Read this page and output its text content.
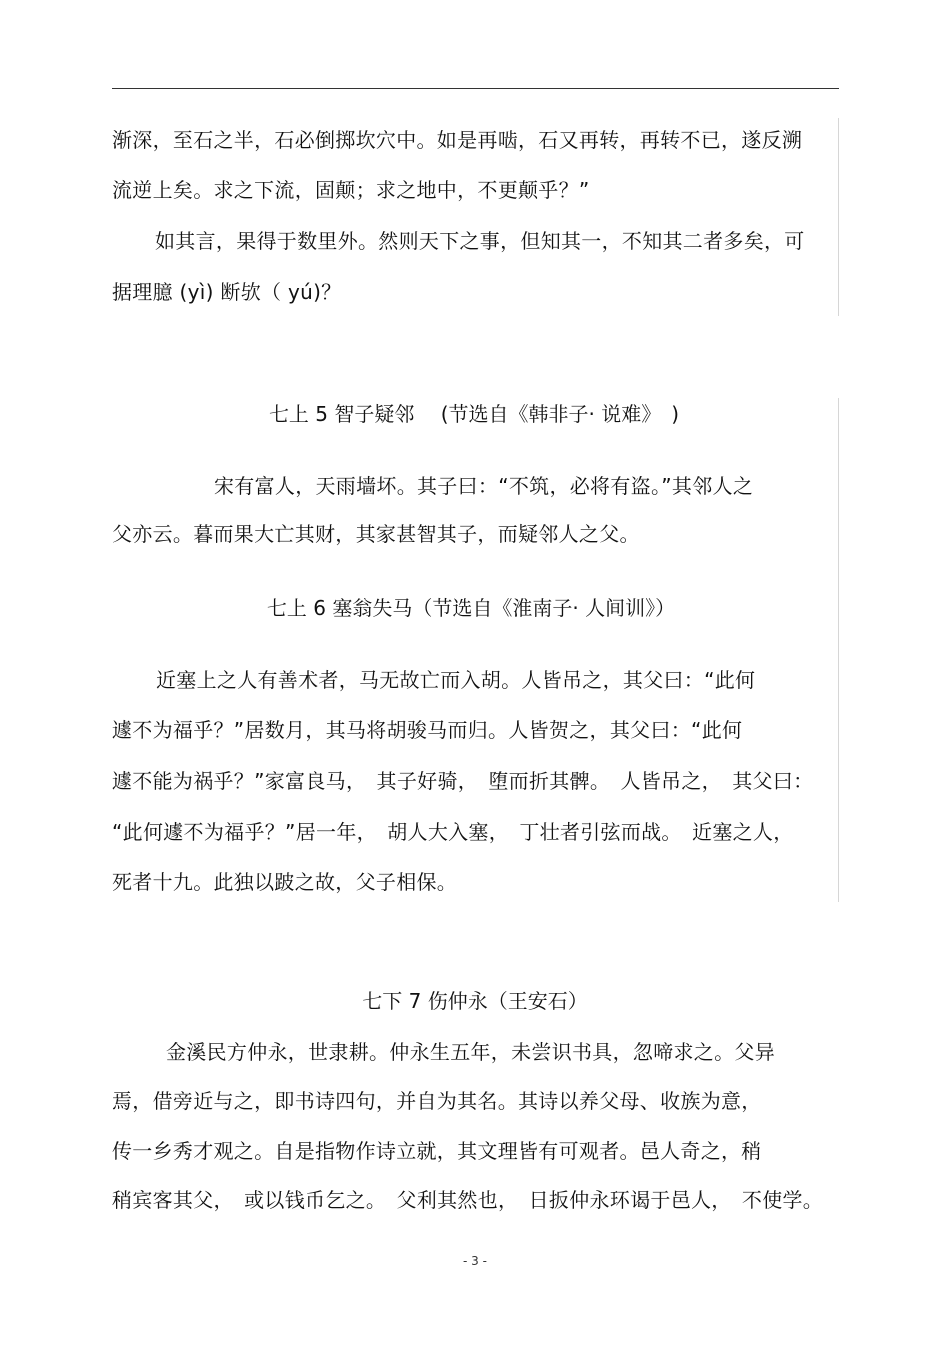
渐深，至石之半，石必倒掷坎穴中。如是再啮，石又再转，再转不已，遂反溯
流逆上矣。求之下流，固颠；求之地中，不更颠乎？”
如其言，果得于数里外。然则天下之事，但知其一，不知其二者多矣，可
据理臆 (yì) 断欤（ yú)？
七上 5 智子疑邻　 (节选自《韩非子· 说难》　)
宋有富人，天雨墙坏。其子曰：“不筑，必将有盗。”其邻人之
父亦云。暮而果大亡其财，其家甚智其子，而疑邻人之父。
七上 6 塞翁失马（节选自《淮南子· 人间训》）
近塞上之人有善术者，马无故亡而入胡。人皆吊之，其父曰：“此何
遽不为福乎？”居数月，其马将胡骏马而归。人皆贺之，其父曰：“此何
遽不能为祸乎？”家富良马，　其子好骑，　堕而折其髀。　人皆吊之，　其父曰：
“此何遽不为福乎？”居一年，　胡人大入塞，　丁壮者引弦而战。　近塞之人，
死者十九。此独以跛之故，父子相保。
七下 7 伤仲永（王安石）
金溪民方仲永，世隶耕。仲永生五年，未尝识书具，忽啼求之。父异
焉，借旁近与之，即书诗四句，并自为其名。其诗以养父母、收族为意，
传一乡秀才观之。自是指物作诗立就，其文理皆有可观者。邑人奇之，稍
稍宾客其父，　或以钱币乞之。　父利其然也，　日扳仲永环谒于邑人，　不使学。
- 3 -
